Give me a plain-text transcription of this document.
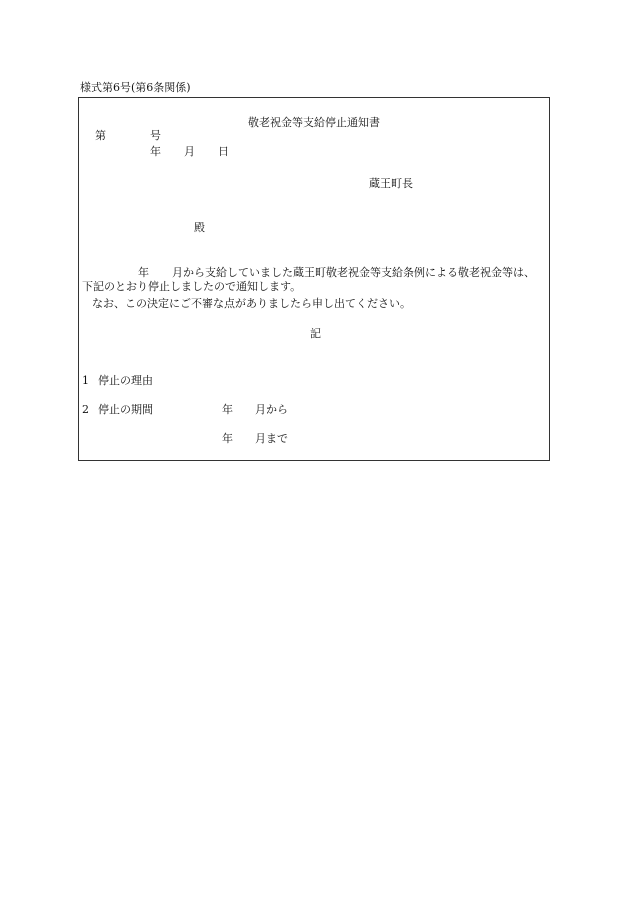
様式第6号(第6条関係)
敬老祝金等支給停止通知書
第	号
年 月 日
蔵王町長
殿
年 月から支給していました蔵王町敬老祝金等支給条例による敬老祝金等は、
下記のとおり停止しましたので通知します。
なお、この決定にご不審な点がありましたら申し出てください。
記
1 停止の理由
2 停止の期間	年 月から
年 月まで
